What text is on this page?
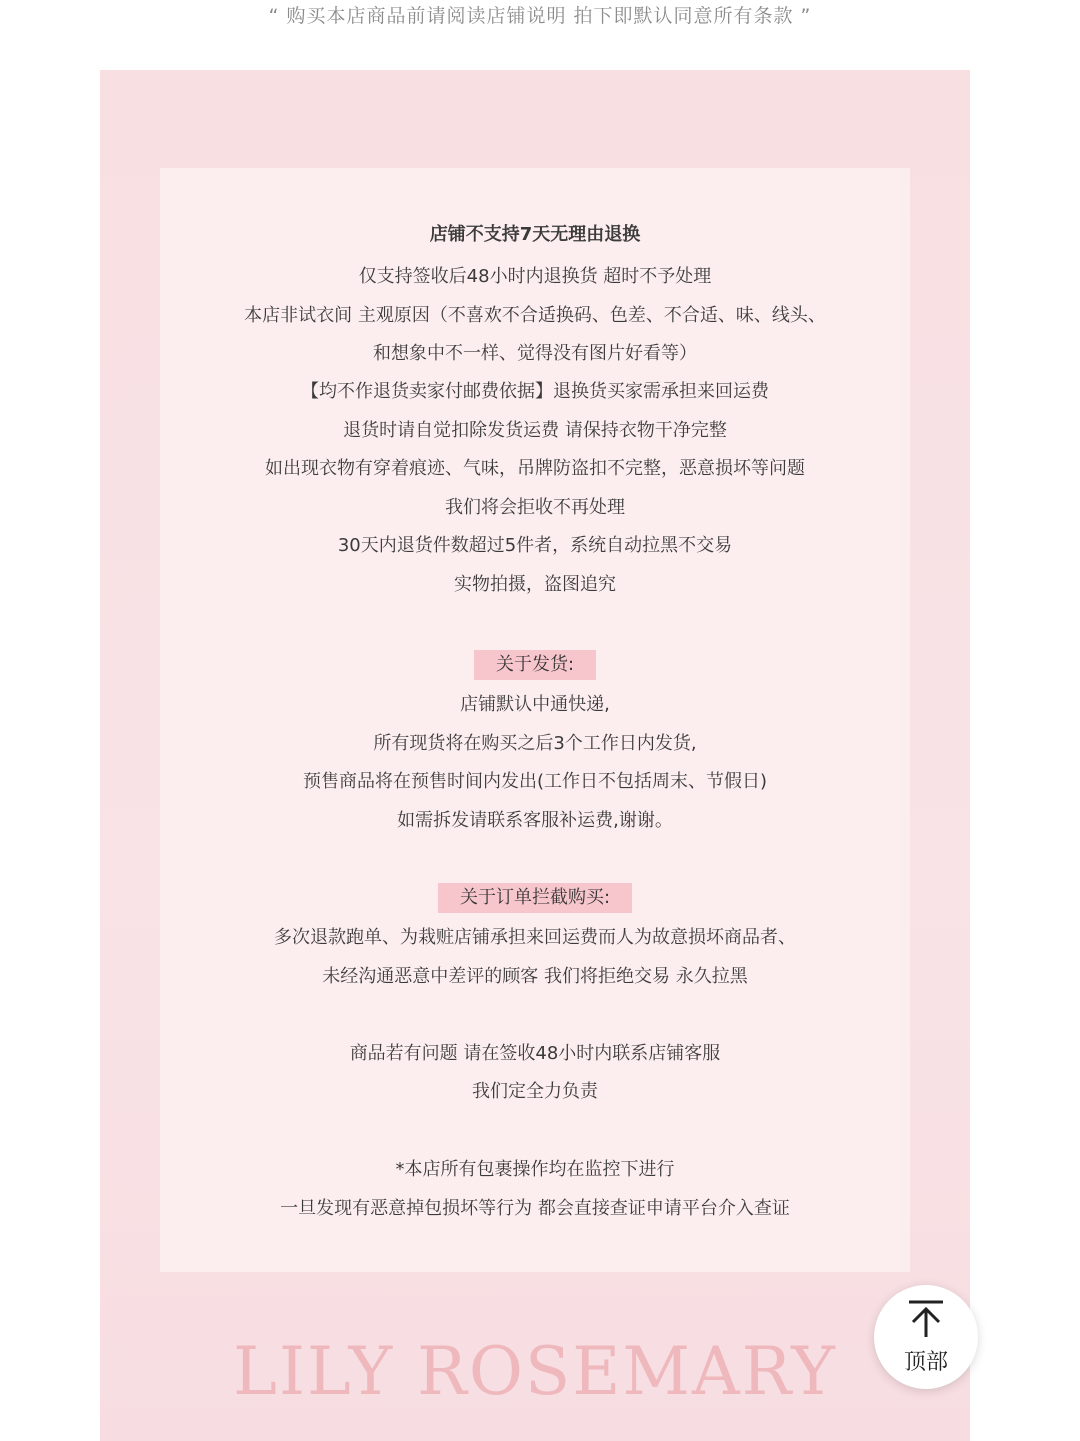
“ 购买本店商品前请阅读店铺说明 拍下即默认同意所有条款 ”
店铺不支持7天无理由退换
仅支持签收后48小时内退换货 超时不予处理
本店非试衣间 主观原因（不喜欢不合适换码、色差、不合适、味、线头、
和想象中不一样、觉得没有图片好看等）
【均不作退货卖家付邮费依据】退换货买家需承担来回运费
退货时请自觉扣除发货运费 请保持衣物干净完整
如出现衣物有穿着痕迹、气味，吊牌防盗扣不完整，恶意损坏等问题
我们将会拒收不再处理
30天内退货件数超过5件者，系统自动拉黑不交易
实物拍摄，盗图追究
关于发货:
店铺默认中通快递,
所有现货将在购买之后3个工作日内发货,
预售商品将在预售时间内发出(工作日不包括周末、节假日)
如需拆发请联系客服补运费,谢谢。
关于订单拦截购买:
多次退款跑单、为栽赃店铺承担来回运费而人为故意损坏商品者、
未经沟通恶意中差评的顾客 我们将拒绝交易 永久拉黑
商品若有问题 请在签收48小时内联系店铺客服
我们定全力负责
*本店所有包裹操作均在监控下进行
一旦发现有恶意掉包损坏等行为 都会直接查证申请平台介入查证
LILY ROSEMARY	顶部
